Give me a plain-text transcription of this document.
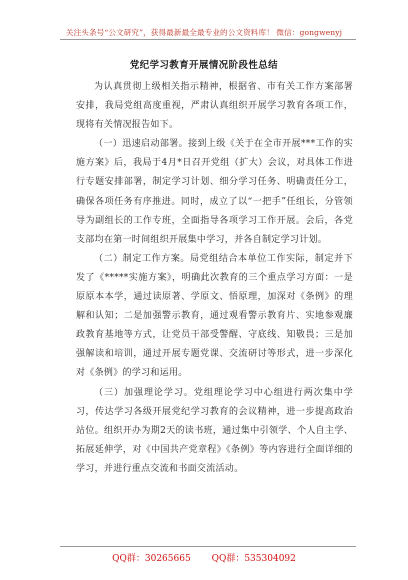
关注头条号“公文研究”，获得最新最全最专业的公文资料库！ 微信：gongwenyj
党纪学习教育开展情况阶段性总结

为认真贯彻上级相关指示精神，根据省、市有关工作方案部署安排，我局党组高度重视，严肃认真组织开展学习教育各项工作，现将有关情况报告如下。

（一）迅速启动部署。接到上级《关于在全市开展***工作的实施方案》后，我局于4月*日召开党组（扩大）会议，对具体工作进行专题安排部署，制定学习计划、细分学习任务、明确责任分工，确保各项任务有序推进。同时，成立了以“一把手”任组长，分管领导为副组长的工作专班，全面指导各项学习工作开展。会后，各党支部均在第一时间组织开展集中学习，并各自制定学习计划。

（二）制定工作方案。局党组结合本单位工作实际，制定并下发了《*****实施方案》，明确此次教育的三个重点学习方面：一是原原本本学，通过读原著、学原文、悟原理，加深对《条例》的理解和认知；二是加强警示教育，通过观看警示教育片、实地参观廉政教育基地等方式，让党员干部受警醒、守底线、知敬畏；三是加强解读和培训，通过开展专题党课、交流研讨等形式，进一步深化对《条例》的学习和运用。

（三）加强理论学习。党组理论学习中心组进行两次集中学习，传达学习各级开展党纪学习教育的会议精神，进一步提高政治站位。组织开办为期2天的读书班，通过集中引领学、个人自主学、拓展延伸学，对《中国共产党章程》《条例》等内容进行全面详细的学习，并进行重点交流和书面交流活动。

QQ群：30265665 QQ群：535304092
